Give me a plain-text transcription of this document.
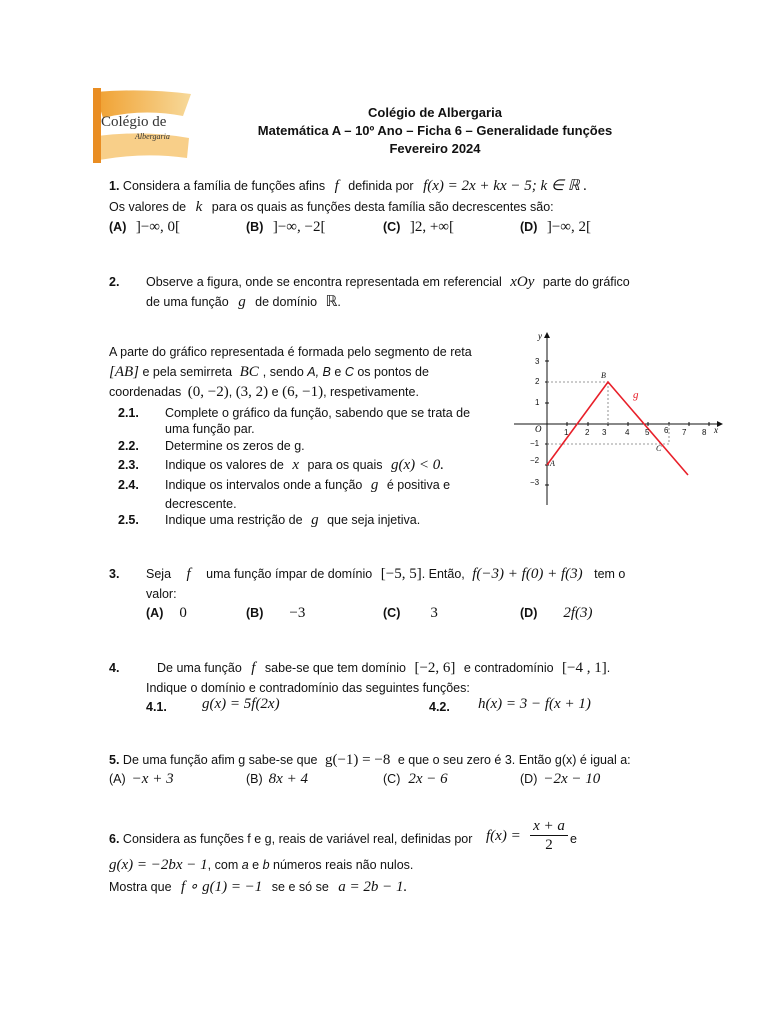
Colégio de
Albergaria
Colégio de Albergaria
Matemática A – 10º Ano – Ficha 6 – Generalidade funções
Fevereiro 2024
1. Considera a família de funções afins f definida por f(x) = 2x + kx − 5; k ∈ ℝ .
Os valores de k para os quais as funções desta família são decrescentes são:
(A) ]−∞, 0[	(B) ]−∞, −2[	(C) ]2, +∞[	(D) ]−∞, 2[
2. Observe a figura, onde se encontra representada em referencial xOy parte do gráfico
de uma função g de domínio ℝ.
A parte do gráfico representada é formada pelo segmento de reta
[AB] e pela semirreta BC , sendo A, B e C os pontos de
coordenadas (0, −2), (3, 2) e (6, −1), respetivamente.
2.1. Complete o gráfico da função, sabendo que se trata de
uma função par.
2.2. Determine os zeros de g.
2.3. Indique os valores de x para os quais g(x) < 0.
2.4. Indique os intervalos onde a função g é positiva e
decrescente.
2.5. Indique uma restrição de g que seja injetiva.
x
y
O	1 2 3 4 5 6 7 8
1
2
3
−1
−2
−3
A
B
C
g
3. Seja f uma função ímpar de domínio [−5, 5]. Então, f(−3) + f(0) + f(3) tem o
valor:
(A) 0	(B) −3	(C) 3	(D) 2f(3)
4.	De uma função f sabe-se que tem domínio [−2, 6] e contradomínio [−4 , 1].
Indique o domínio e contradomínio das seguintes funções:
4.1. g(x) = 5f(2x)	4.2. h(x) = 3 − f(x + 1)
5. De uma função afim g sabe-se que g(−1) = −8 e que o seu zero é 3. Então g(x) é igual a:
(A) −x + 3	(B) 8x + 4	(C) 2x − 6	(D) −2x − 10
6. Considera as funções f e g, reais de variável real, definidas por $f(x) = \frac{x + a}{2}$ e
g(x) = −2bx − 1, com a e b números reais não nulos.
Mostra que f ∘ g(1) = −1 se e só se a = 2b − 1.
